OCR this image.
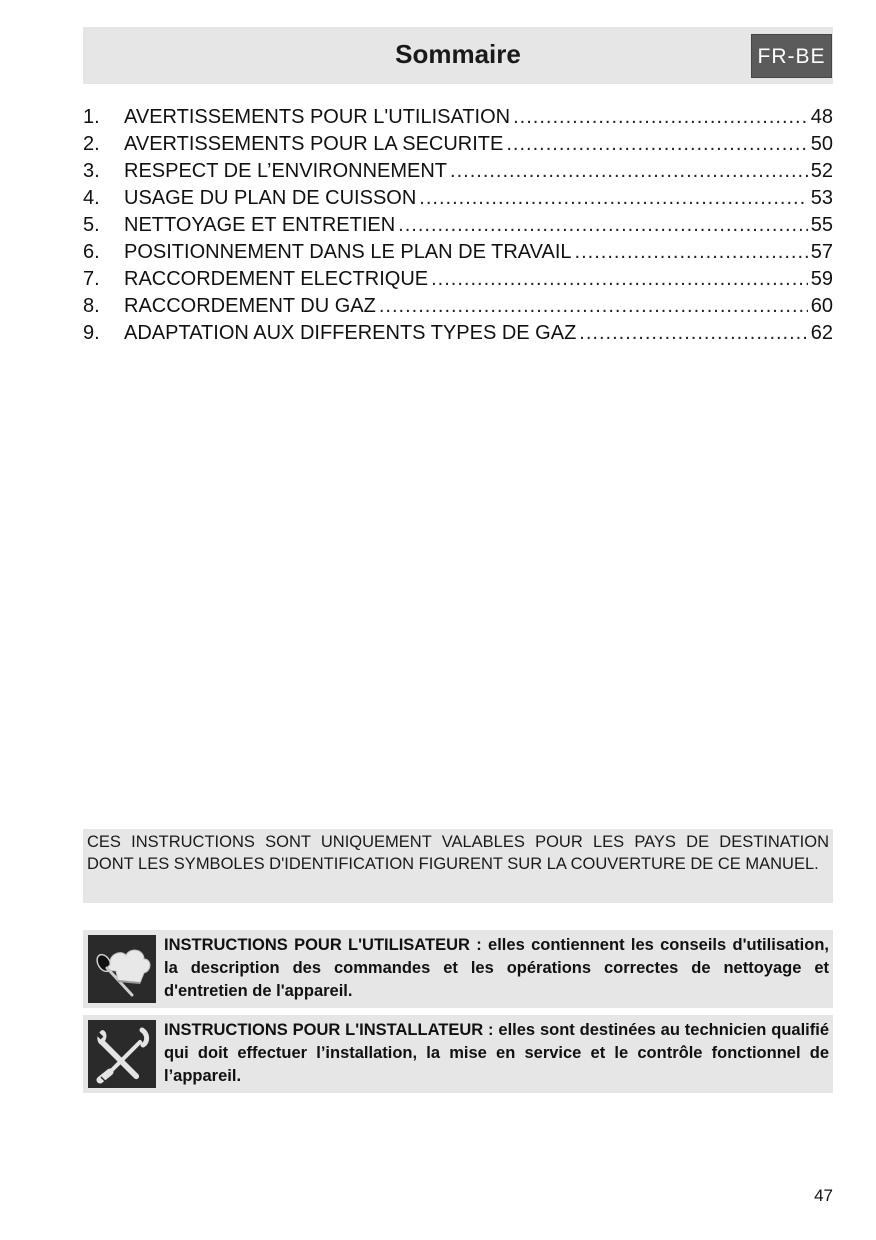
Sommaire	FR-BE
1.	AVERTISSEMENTS POUR L'UTILISATION .....	48
2.	AVERTISSEMENTS POUR LA SECURITE .....	50
3.	RESPECT DE L’ENVIRONNEMENT .....	52
4.	USAGE DU PLAN DE CUISSON .....	53
5.	NETTOYAGE ET ENTRETIEN .....	55
6.	POSITIONNEMENT DANS LE PLAN DE TRAVAIL .....	57
7.	RACCORDEMENT ELECTRIQUE .....	59
8.	RACCORDEMENT DU GAZ .....	60
9.	ADAPTATION AUX DIFFERENTS TYPES DE GAZ .....	62

CES INSTRUCTIONS SONT UNIQUEMENT VALABLES POUR LES PAYS DE DESTINATION DONT LES SYMBOLES D'IDENTIFICATION FIGURENT SUR LA COUVERTURE DE CE MANUEL.

INSTRUCTIONS POUR L'UTILISATEUR : elles contiennent les conseils d'utilisation, la description des commandes et les opérations correctes de nettoyage et d'entretien de l'appareil.

INSTRUCTIONS POUR L'INSTALLATEUR : elles sont destinées au technicien qualifié qui doit effectuer l’installation, la mise en service et le contrôle fonctionnel de l’appareil.

47
